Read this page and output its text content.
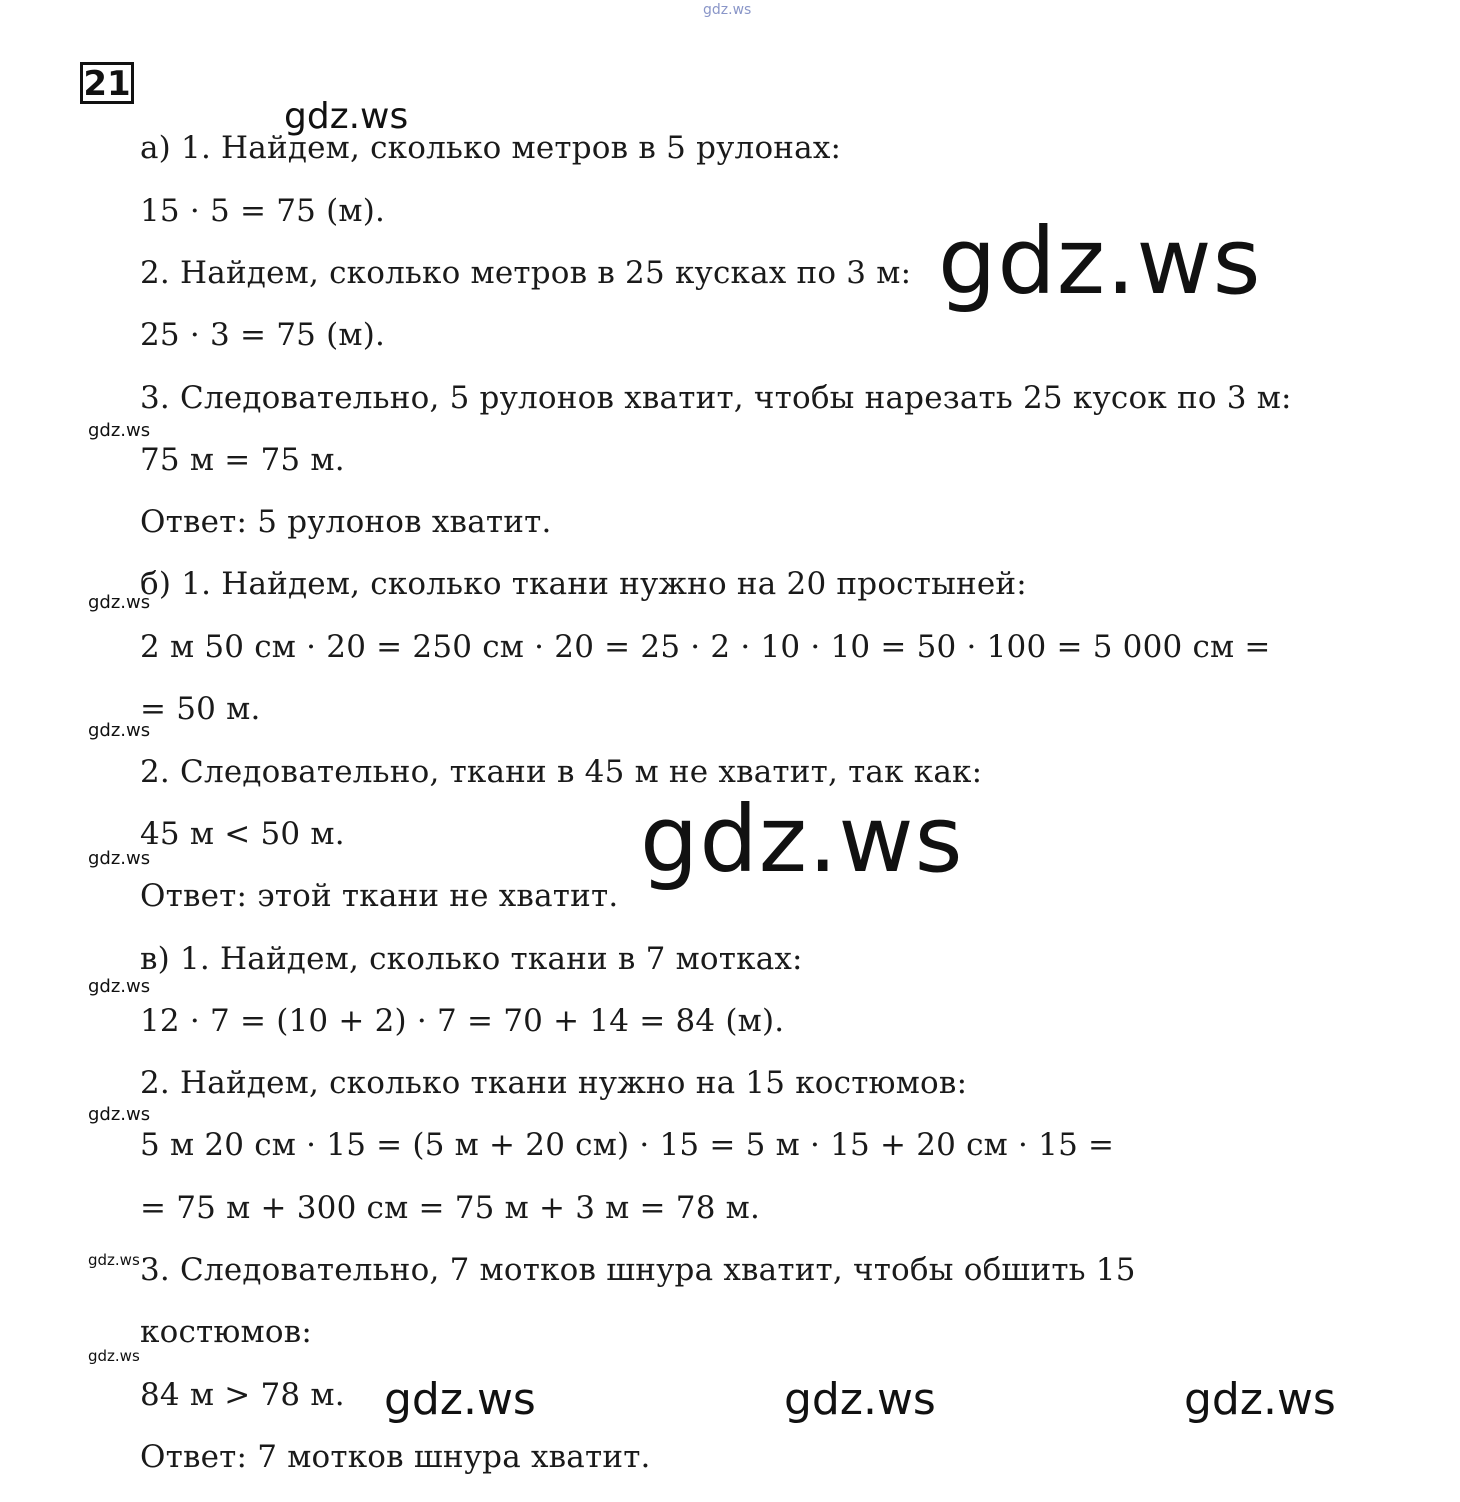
gdz.ws
21
а) 1. Найдем, сколько метров в 5 рулонах:
15 · 5 = 75 (м).
2. Найдем, сколько метров в 25 кусках по 3 м:
25 · 3 = 75 (м).
3. Следовательно, 5 рулонов хватит, чтобы нарезать 25 кусок по 3 м:
75 м = 75 м.
Ответ: 5 рулонов хватит.
б) 1. Найдем, сколько ткани нужно на 20 простыней:
2 м 50 см · 20 = 250 см · 20 = 25 · 2 · 10 · 10 = 50 · 100 = 5 000 см =
= 50 м.
2. Следовательно, ткани в 45 м не хватит, так как:
45 м < 50 м.
Ответ: этой ткани не хватит.
в) 1. Найдем, сколько ткани в 7 мотках:
12 · 7 = (10 + 2) · 7 = 70 + 14 = 84 (м).
2. Найдем, сколько ткани нужно на 15 костюмов:
5 м 20 см · 15 = (5 м + 20 см) · 15 = 5 м · 15 + 20 см · 15 =
= 75 м + 300 см = 75 м + 3 м = 78 м.
3. Следовательно, 7 мотков шнура хватит, чтобы обшить 15
костюмов:
84 м > 78 м.
Ответ: 7 мотков шнура хватит.
gdz.ws
gdz.ws
gdz.ws
gdz.ws
gdz.ws
gdz.ws
gdz.ws
gdz.ws
gdz.ws
gdz.ws
gdz.ws
gdz.ws	gdz.ws	gdz.ws
